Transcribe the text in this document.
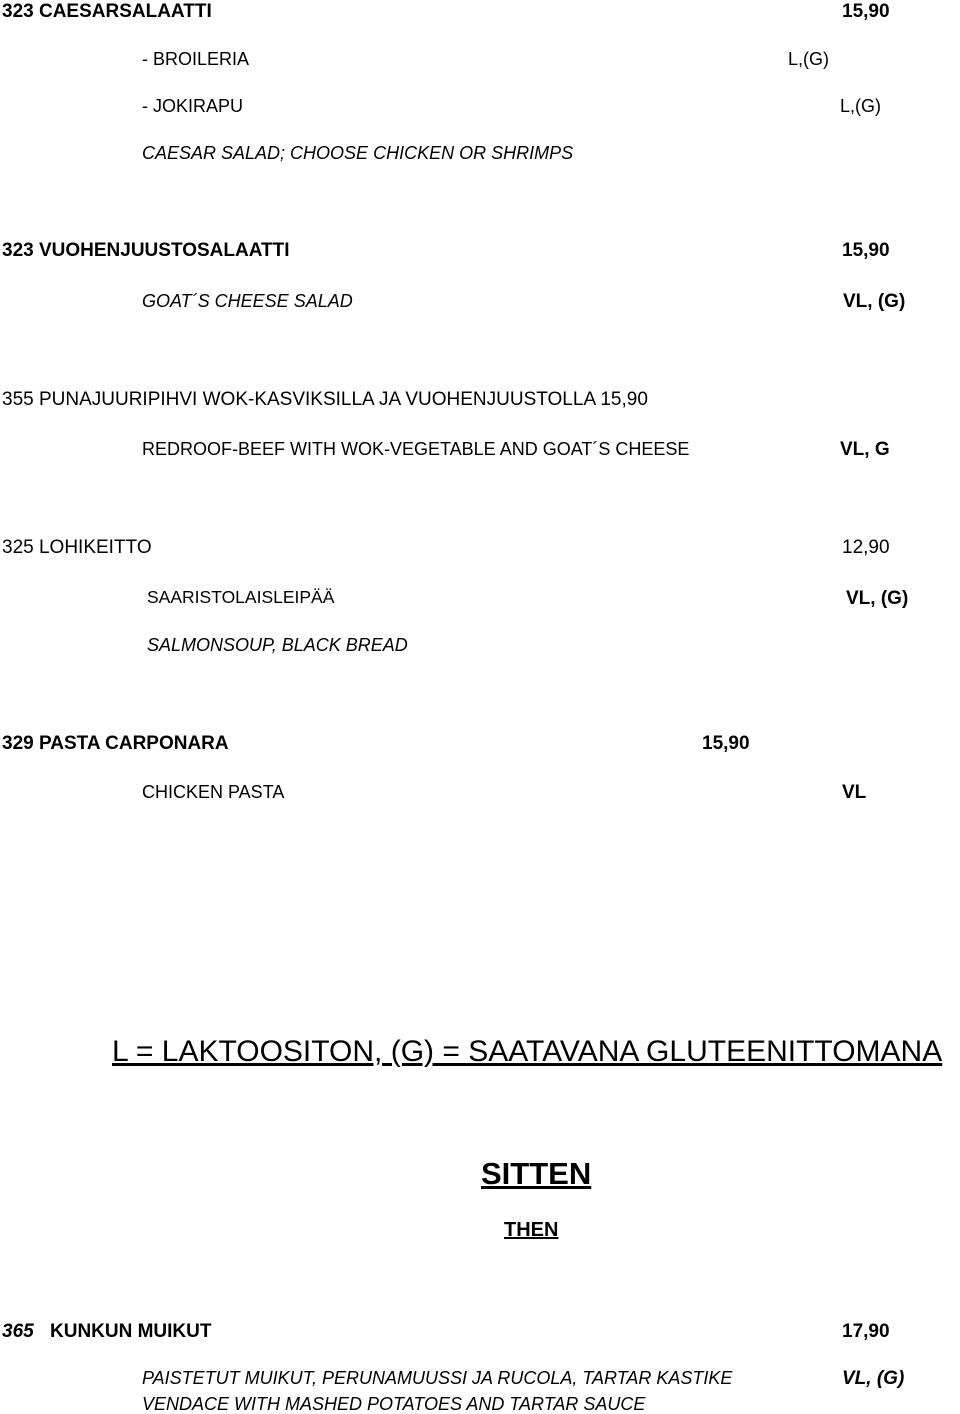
323 CAESARSALAATTI	15,90
- BROILERIA	L,(G)
- JOKIRAPU	L,(G)
CAESAR SALAD; CHOOSE CHICKEN OR SHRIMPS
323 VUOHENJUUSTOSALAATTI	15,90
GOAT´S CHEESE SALAD	VL, (G)
355 PUNAJUURIPIHVI WOK-KASVIKSILLA JA VUOHENJUUSTOLLA 15,90
REDROOF-BEEF WITH WOK-VEGETABLE AND GOAT´S CHEESE	VL, G
325 LOHIKEITTO	12,90
SAARISTOLAISLEIPÄÄ	VL, (G)
SALMONSOUP, BLACK BREAD
329 PASTA CARPONARA	15,90
CHICKEN PASTA	VL
L = LAKTOOSITON, (G) = SAATAVANA GLUTEENITTOMANA
SITTEN
THEN
365 KUNKUN MUIKUT	17,90
PAISTETUT MUIKUT, PERUNAMUUSSI JA RUCOLA, TARTAR KASTIKE	VL, (G)
VENDACE WITH MASHED POTATOES AND TARTAR SAUCE
